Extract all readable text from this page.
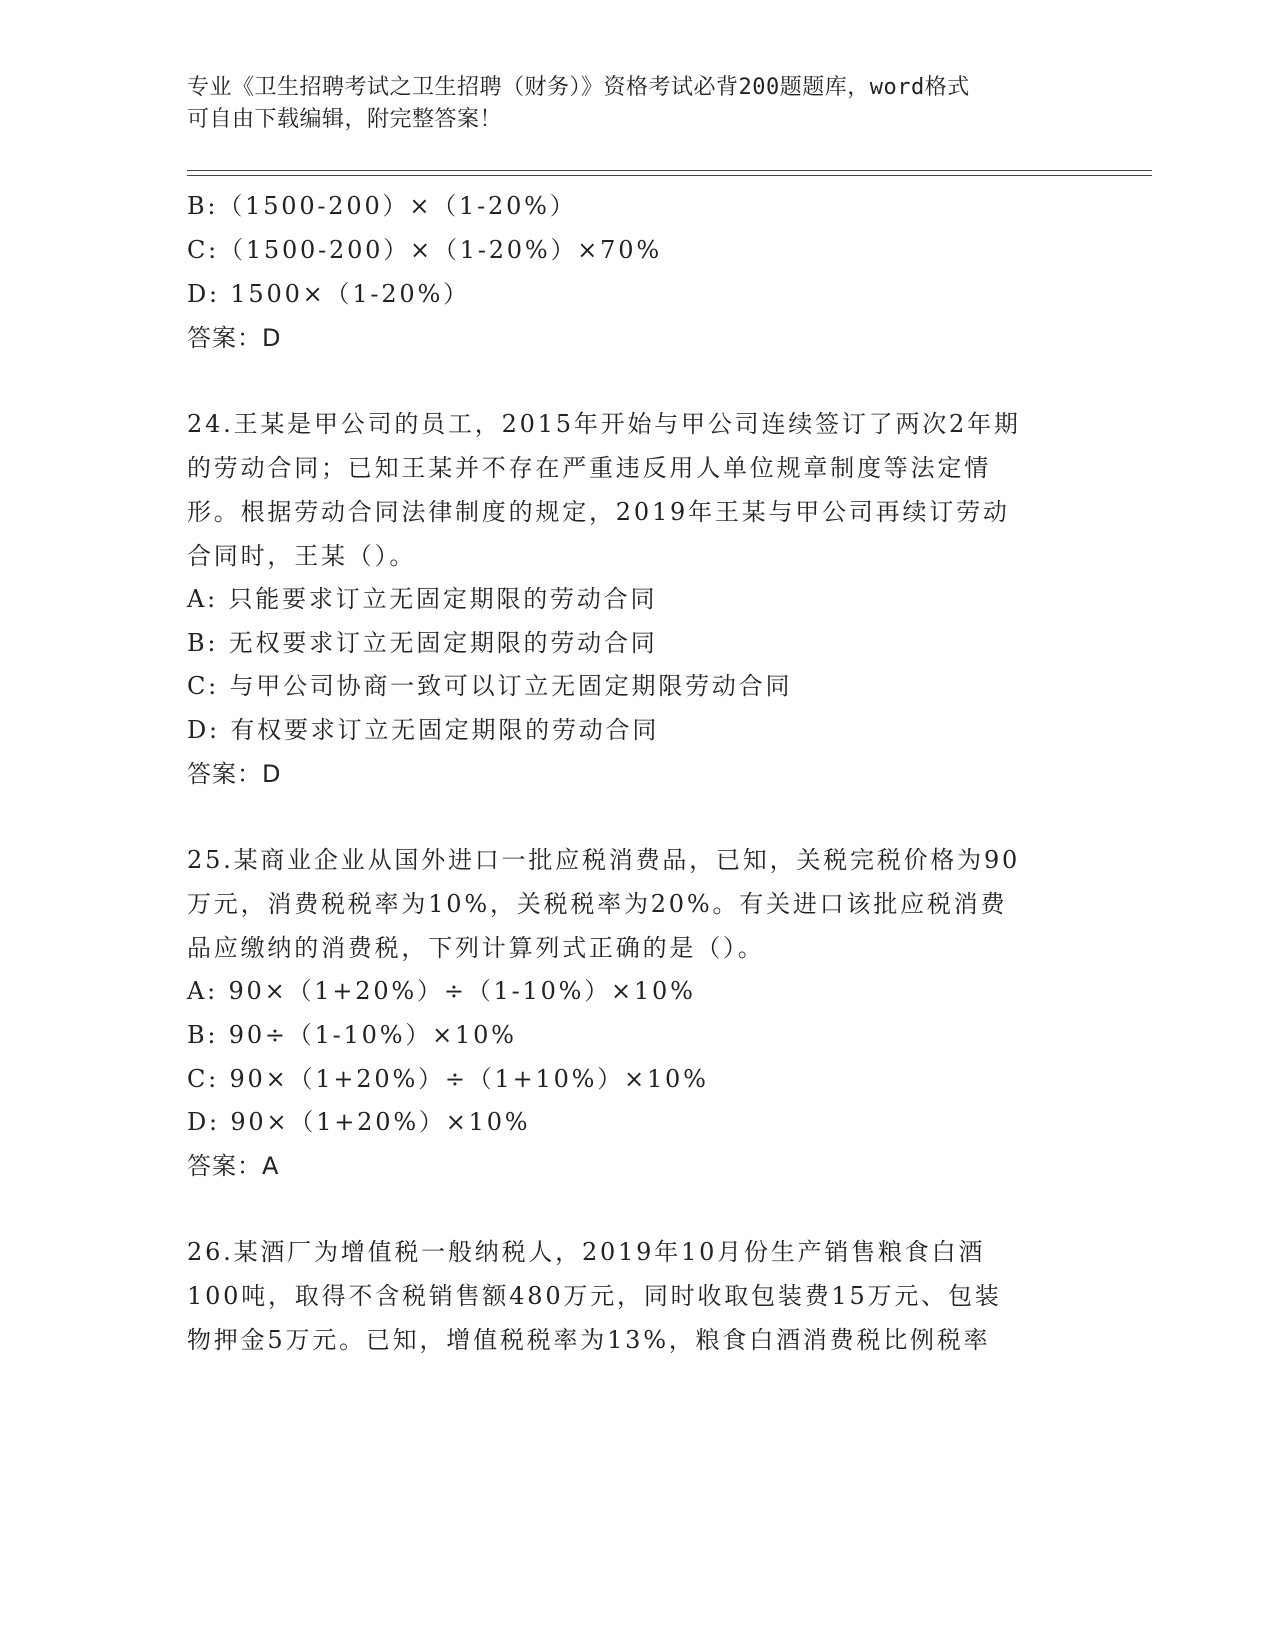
专业《卫生招聘考试之卫生招聘（财务）》资格考试必背200题题库，word格式
可自由下载编辑，附完整答案！
B:（1500-200）×（1-20%）
C:（1500-200）×（1-20%）×70%
D: 1500×（1-20%）
答案：D
24.王某是甲公司的员工，2015年开始与甲公司连续签订了两次2年期
的劳动合同；已知王某并不存在严重违反用人单位规章制度等法定情
形。根据劳动合同法律制度的规定，2019年王某与甲公司再续订劳动
合同时，王某（）。
A: 只能要求订立无固定期限的劳动合同
B: 无权要求订立无固定期限的劳动合同
C: 与甲公司协商一致可以订立无固定期限劳动合同
D: 有权要求订立无固定期限的劳动合同
答案：D
25.某商业企业从国外进口一批应税消费品，已知，关税完税价格为90
万元，消费税税率为10%，关税税率为20%。有关进口该批应税消费
品应缴纳的消费税，下列计算列式正确的是（）。
A: 90×（1+20%）÷（1-10%）×10%
B: 90÷（1-10%）×10%
C: 90×（1+20%）÷（1+10%）×10%
D: 90×（1+20%）×10%
答案：A
26.某酒厂为增值税一般纳税人，2019年10月份生产销售粮食白酒
100吨，取得不含税销售额480万元，同时收取包装费15万元、包装
物押金5万元。已知，增值税税率为13%，粮食白酒消费税比例税率
